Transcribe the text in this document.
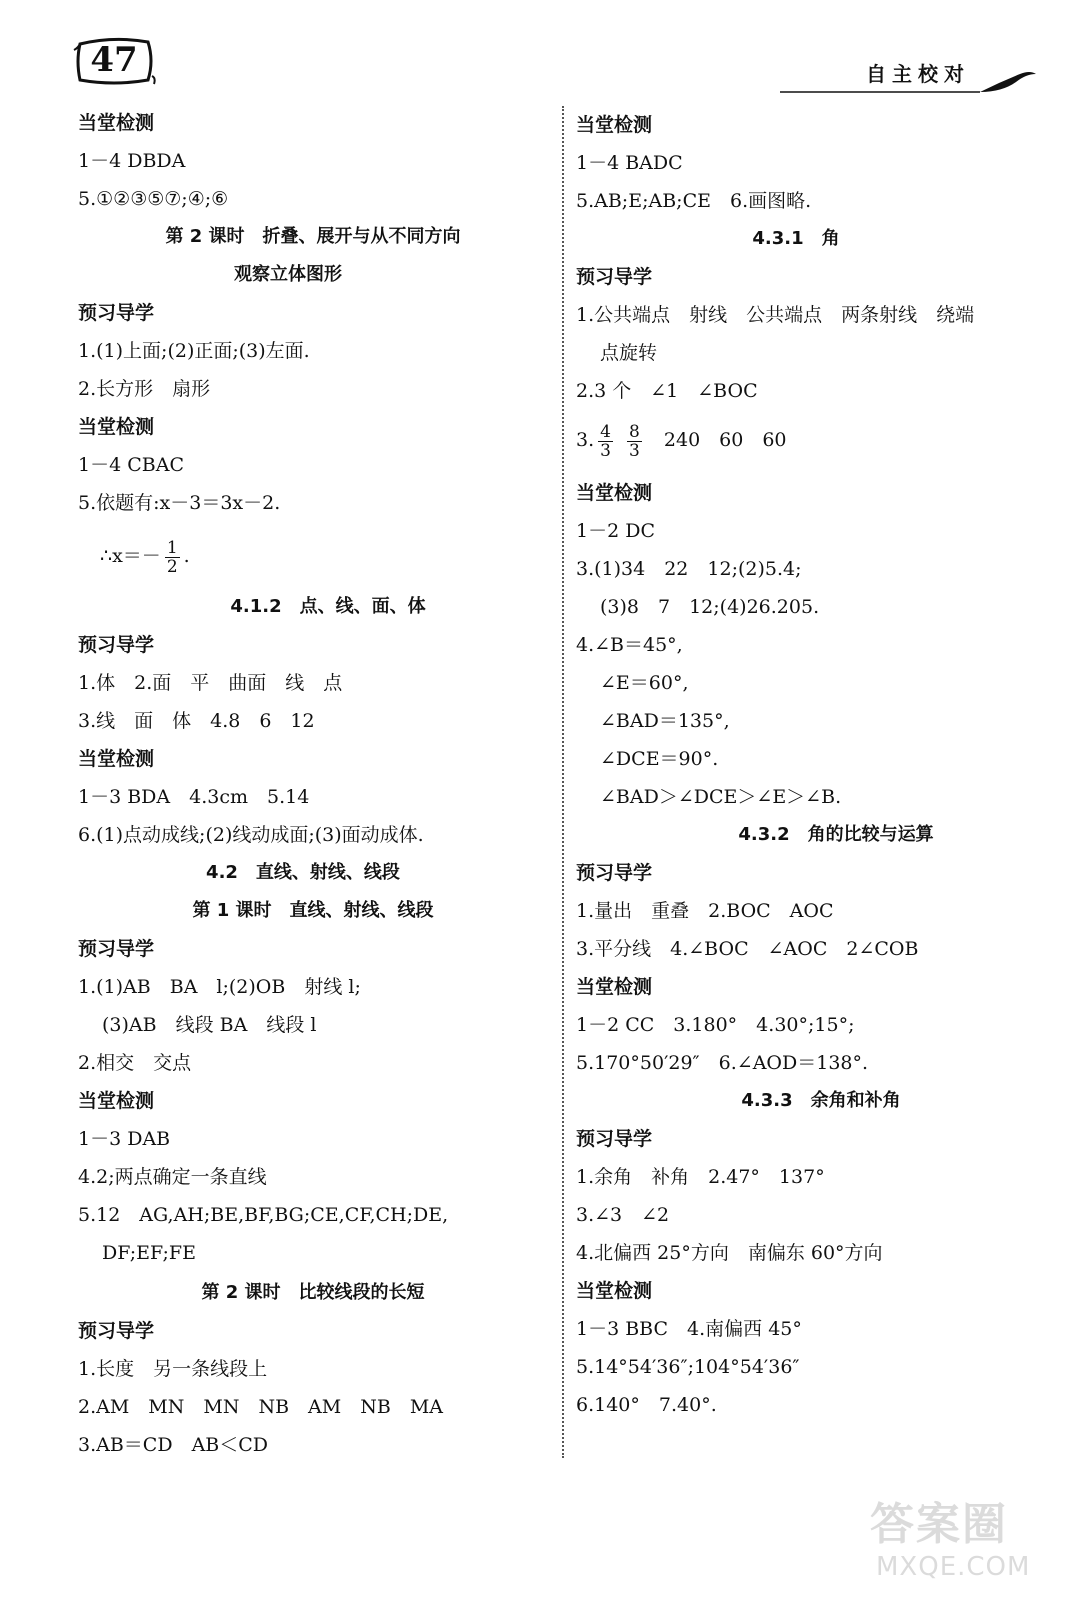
47	自主校对
当堂检测
1－4 DBDA
5.①②③⑤⑦;④;⑥
第 2 课时　折叠、展开与从不同方向
观察立体图形
预习导学
1.(1)上面;(2)正面;(3)左面.
2.长方形　扇形
当堂检测
1－4 CBAC
5.依题有:x－3＝3x－2.
∴x＝－ $\frac{1}{2}$ .
4.1.2　点、线、面、体
预习导学
1.体　2.面　平　曲面　线　点
3.线　面　体　4.8　6　12
当堂检测
1－3 BDA　4.3cm　5.14
6.(1)点动成线;(2)线动成面;(3)面动成体.
4.2　直线、射线、线段
第 1 课时　直线、射线、线段
预习导学
1.(1)AB　BA　l;(2)OB　射线 l;
(3)AB　线段 BA　线段 l
2.相交　交点
当堂检测
1－3 DAB
4.2;两点确定一条直线
5.12　AG,AH;BE,BF,BG;CE,CF,CH;DE,
DF;EF;FE
第 2 课时　比较线段的长短
预习导学
1.长度　另一条线段上
2.AM　MN　MN　NB　AM　NB　MA
3.AB＝CD　AB＜CD
当堂检测
1－4 BADC
5.AB;E;AB;CE　6.画图略.
4.3.1　角
预习导学
1.公共端点　射线　公共端点　两条射线　绕端
点旋转
2.3 个　∠1　∠BOC
3. $\frac{4}{3}$
$\frac{8}{3} 240$　60　60
当堂检测
1－2 DC
3.(1)34　22　12;(2)5.4;
(3)8　7　12;(4)26.205.
4.∠B＝45°,
∠E＝60°,
∠BAD＝135°,
∠DCE＝90°.
∠BAD＞∠DCE＞∠E＞∠B.
4.3.2　角的比较与运算
预习导学
1.量出　重叠　2.BOC　AOC
3.平分线　4.∠BOC　∠AOC　2∠COB
当堂检测
1－2 CC　3.180°　4.30°;15°;
5.170°50′29″　6.∠AOD＝138°.
4.3.3　余角和补角
预习导学
1.余角　补角　2.47°　137°
3.∠3　∠2
4.北偏西 25°方向　南偏东 60°方向
当堂检测
1－3 BBC　4.南偏西 45°
5.14°54′36″;104°54′36″
6.140°　7.40°.
答案圈
MXQE.COM
